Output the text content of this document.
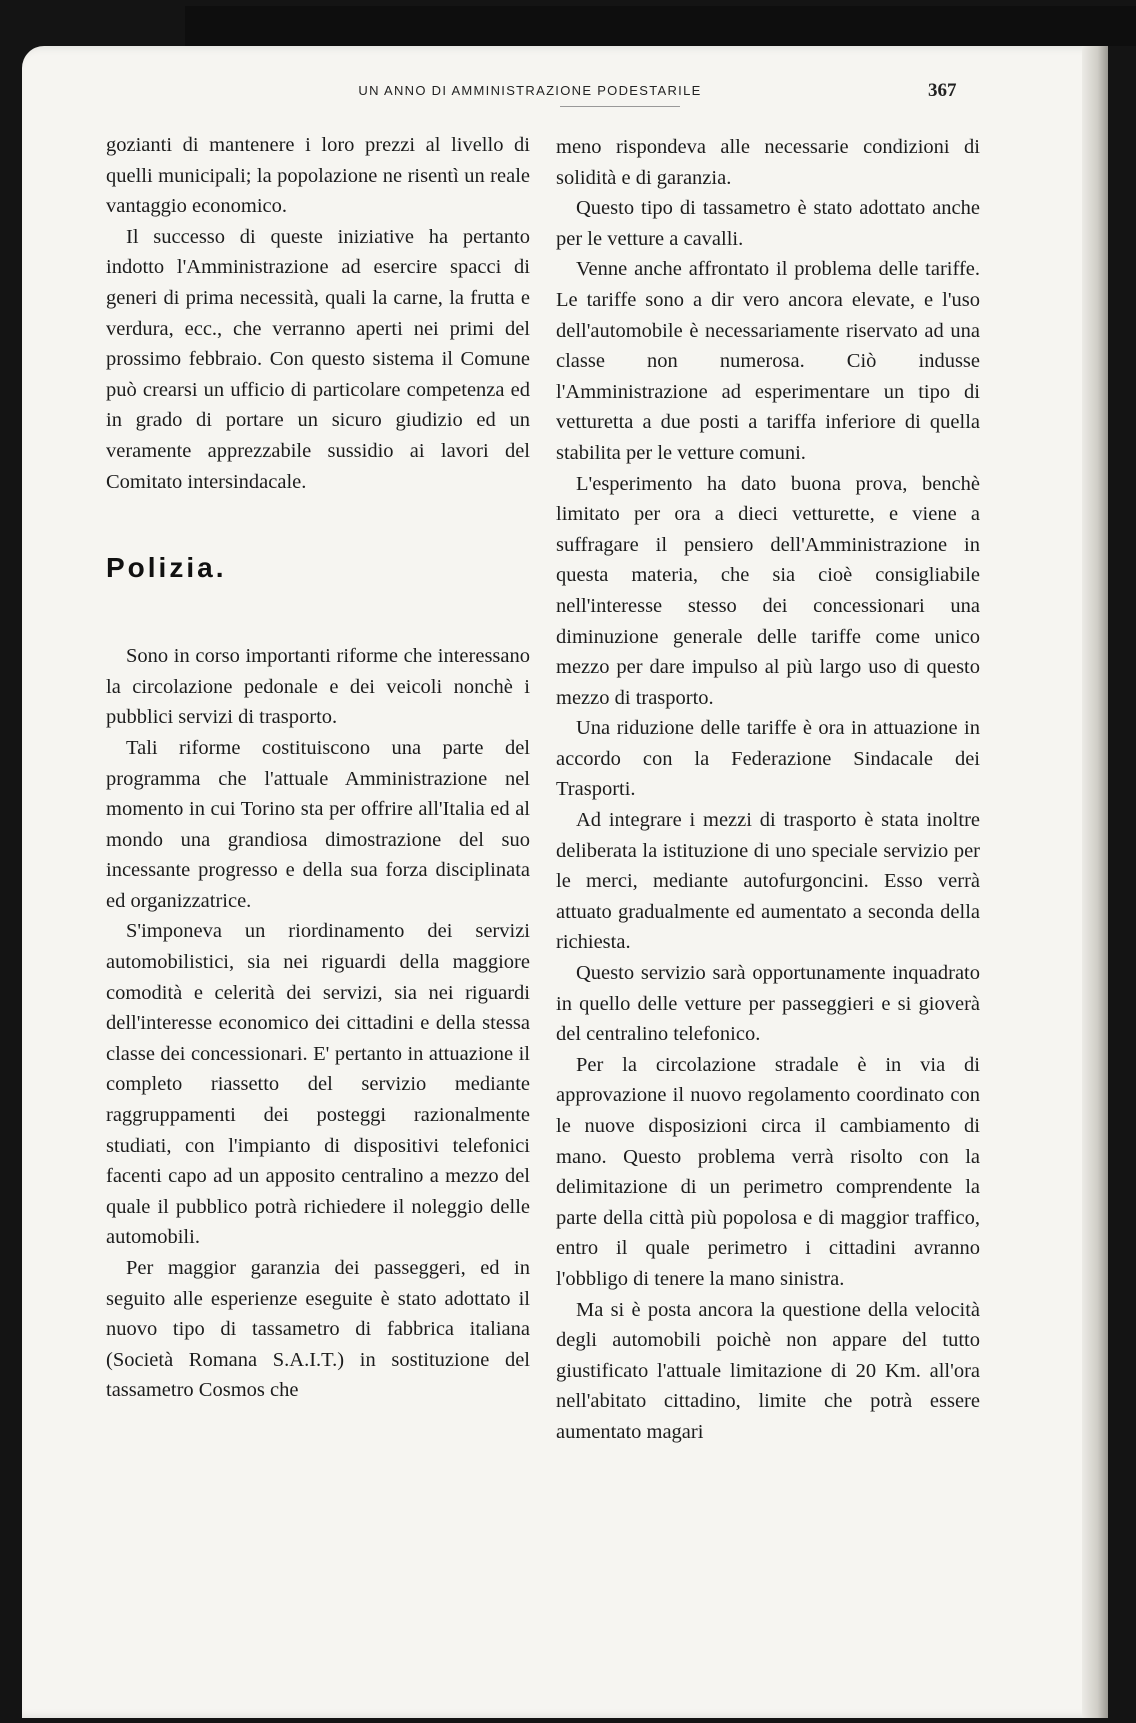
UN ANNO DI AMMINISTRAZIONE PODESTARILE	367

gozianti di mantenere i loro prezzi al livello di quelli municipali; la popolazione ne risentì un reale vantaggio economico.

Il successo di queste iniziative ha pertanto indotto l'Amministrazione ad esercire spacci di generi di prima necessità, quali la carne, la frutta e verdura, ecc., che verranno aperti nei primi del prossimo febbraio. Con questo sistema il Comune può crearsi un ufficio di particolare competenza ed in grado di portare un sicuro giudizio ed un veramente apprezzabile sussidio ai lavori del Comitato intersindacale.

Polizia.

Sono in corso importanti riforme che interessano la circolazione pedonale e dei veicoli nonchè i pubblici servizi di trasporto.

Tali riforme costituiscono una parte del programma che l'attuale Amministrazione nel momento in cui Torino sta per offrire all'Italia ed al mondo una grandiosa dimostrazione del suo incessante progresso e della sua forza disciplinata ed organizzatrice.

S'imponeva un riordinamento dei servizi automobilistici, sia nei riguardi della maggiore comodità e celerità dei servizi, sia nei riguardi dell'interesse economico dei cittadini e della stessa classe dei concessionari. E' pertanto in attuazione il completo riassetto del servizio mediante raggruppamenti dei posteggi razionalmente studiati, con l'impianto di dispositivi telefonici facenti capo ad un apposito centralino a mezzo del quale il pubblico potrà richiedere il noleggio delle automobili.

Per maggior garanzia dei passeggeri, ed in seguito alle esperienze eseguite è stato adottato il nuovo tipo di tassametro di fabbrica italiana (Società Romana S.A.I.T.) in sostituzione del tassametro Cosmos che

meno rispondeva alle necessarie condizioni di solidità e di garanzia.

Questo tipo di tassametro è stato adottato anche per le vetture a cavalli.

Venne anche affrontato il problema delle tariffe. Le tariffe sono a dir vero ancora elevate, e l'uso dell'automobile è necessariamente riservato ad una classe non numerosa. Ciò indusse l'Amministrazione ad esperimentare un tipo di vetturetta a due posti a tariffa inferiore di quella stabilita per le vetture comuni.

L'esperimento ha dato buona prova, benchè limitato per ora a dieci vetturette, e viene a suffragare il pensiero dell'Amministrazione in questa materia, che sia cioè consigliabile nell'interesse stesso dei concessionari una diminuzione generale delle tariffe come unico mezzo per dare impulso al più largo uso di questo mezzo di trasporto.

Una riduzione delle tariffe è ora in attuazione in accordo con la Federazione Sindacale dei Trasporti.

Ad integrare i mezzi di trasporto è stata inoltre deliberata la istituzione di uno speciale servizio per le merci, mediante autofurgoncini. Esso verrà attuato gradualmente ed aumentato a seconda della richiesta.

Questo servizio sarà opportunamente inquadrato in quello delle vetture per passeggieri e si gioverà del centralino telefonico.

Per la circolazione stradale è in via di approvazione il nuovo regolamento coordinato con le nuove disposizioni circa il cambiamento di mano. Questo problema verrà risolto con la delimitazione di un perimetro comprendente la parte della città più popolosa e di maggior traffico, entro il quale perimetro i cittadini avranno l'obbligo di tenere la mano sinistra.

Ma si è posta ancora la questione della velocità degli automobili poichè non appare del tutto giustificato l'attuale limitazione di 20 Km. all'ora nell'abitato cittadino, limite che potrà essere aumentato magari
